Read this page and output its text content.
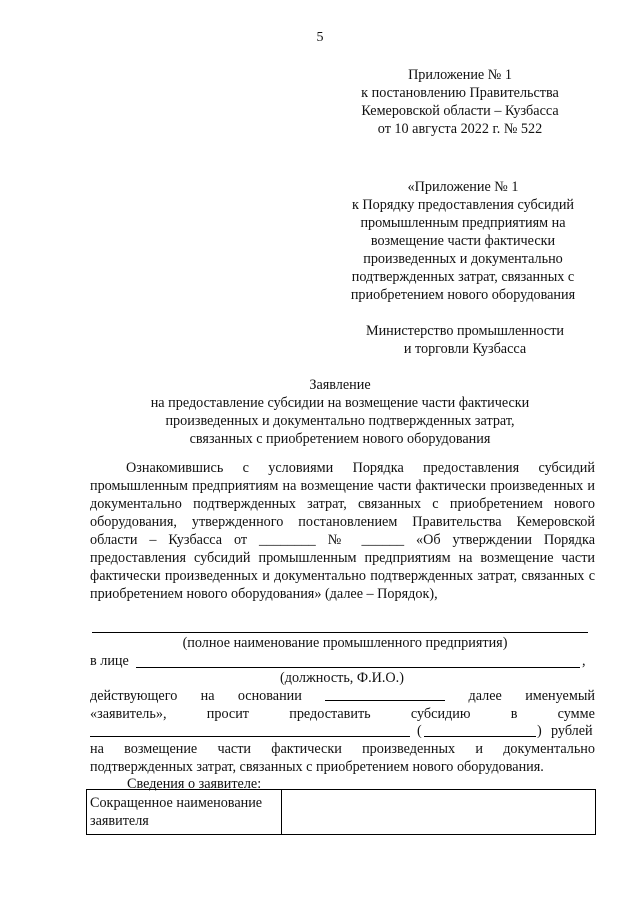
5
Приложение № 1
к постановлению Правительства
Кемеровской области – Кузбасса
от 10 августа 2022 г. № 522
«Приложение № 1
к Порядку предоставления субсидий
промышленным предприятиям на
возмещение части фактически
произведенных и документально
подтвержденных затрат, связанных с
приобретением нового оборудования
Министерство промышленности
и торговли Кузбасса
Заявление
на предоставление субсидии на возмещение части фактически
произведенных и документально подтвержденных затрат,
связанных с приобретением нового оборудования
Ознакомившись с условиями Порядка предоставления субсидий промышленным предприятиям на возмещение части фактически произведенных и документально подтвержденных затрат, связанных с приобретением нового оборудования, утвержденного постановлением Правительства Кемеровской области – Кузбасса от ________ № ______ «Об утверждении Порядка предоставления субсидий промышленным предприятиям на возмещение части фактически произведенных и документально подтвержденных затрат, связанных с приобретением нового оборудования» (далее – Порядок),
(полное наименование промышленного предприятия)
в лице	,
(должность, Ф.И.О.)
действующего на основании	далее именуемый
«заявитель»,	просит	предоставить	субсидию	в	сумме
(	) рублей
на возмещение части фактически произведенных и документально
подтвержденных затрат, связанных с приобретением нового оборудования.
Сведения о заявителе:
Сокращенное наименование заявителя
